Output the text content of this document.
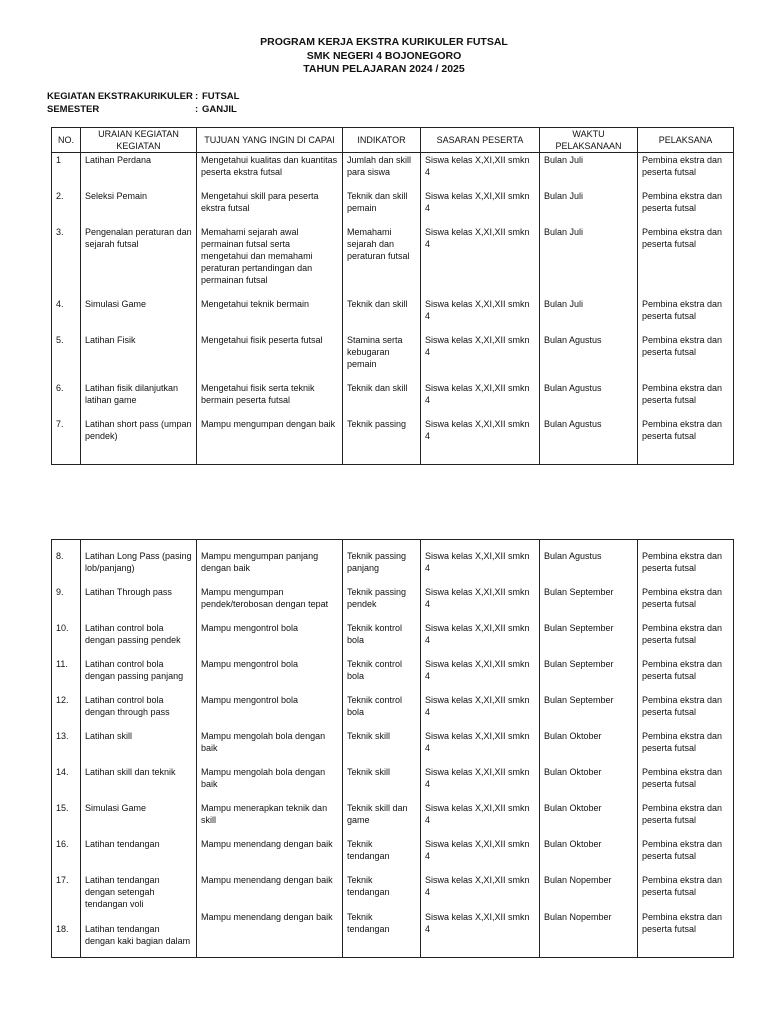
PROGRAM KERJA EKSTRA KURIKULER FUTSAL
SMK NEGERI 4 BOJONEGORO
TAHUN PELAJARAN 2024 / 2025
KEGIATAN EKSTRAKURIKULER : FUTSAL
SEMESTER	: GANJIL
NO.	URAIAN KEGIATAN KEGIATAN	TUJUAN YANG INGIN DI CAPAI	INDIKATOR	SASARAN PESERTA	WAKTU PELAKSANAAN	PELAKSANA
1	Latihan Perdana	Mengetahui kualitas dan kuantitas peserta ekstra futsal	Jumlah dan skill para siswa	Siswa kelas X,XI,XII smkn 4	Bulan Juli	Pembina ekstra dan peserta futsal
2.	Seleksi Pemain	Mengetahui skill para peserta ekstra futsal	Teknik dan skill pemain	Siswa kelas X,XI,XII smkn 4	Bulan Juli	Pembina ekstra dan peserta futsal
3.	Pengenalan peraturan dan sejarah futsal	Memahami sejarah awal permainan futsal serta mengetahui dan memahami peraturan pertandingan dan permainan futsal	Memahami sejarah dan peraturan futsal	Siswa kelas X,XI,XII smkn 4	Bulan Juli	Pembina ekstra dan peserta futsal
4.	Simulasi Game	Mengetahui teknik bermain	Teknik dan skill	Siswa kelas X,XI,XII smkn 4	Bulan Juli	Pembina ekstra dan peserta futsal
5.	Latihan Fisik	Mengetahui fisik peserta futsal	Stamina serta kebugaran pemain	Siswa kelas X,XI,XII smkn 4	Bulan Agustus	Pembina ekstra dan peserta futsal
6.	Latihan fisik dilanjutkan latihan game	Mengetahui fisik serta teknik bermain peserta futsal	Teknik dan skill	Siswa kelas X,XI,XII smkn 4	Bulan Agustus	Pembina ekstra dan peserta futsal
7.	Latihan short pass (umpan pendek)	Mampu mengumpan dengan baik	Teknik passing	Siswa kelas X,XI,XII smkn 4	Bulan Agustus	Pembina ekstra dan peserta futsal
8.	Latihan Long Pass (pasing lob/panjang)	Mampu mengumpan panjang dengan baik	Teknik passing panjang	Siswa kelas X,XI,XII smkn 4	Bulan Agustus	Pembina ekstra dan peserta futsal
9.	Latihan Through pass	Mampu mengumpan pendek/terobosan dengan tepat	Teknik passing pendek	Siswa kelas X,XI,XII smkn 4	Bulan September	Pembina ekstra dan peserta futsal
10.	Latihan control bola dengan passing pendek	Mampu mengontrol bola	Teknik kontrol bola	Siswa kelas X,XI,XII smkn 4	Bulan September	Pembina ekstra dan peserta futsal
11.	Latihan control bola dengan passing panjang	Mampu mengontrol bola	Teknik control bola	Siswa kelas X,XI,XII smkn 4	Bulan September	Pembina ekstra dan peserta futsal
12.	Latihan control bola dengan through pass	Mampu mengontrol bola	Teknik control bola	Siswa kelas X,XI,XII smkn 4	Bulan September	Pembina ekstra dan peserta futsal
13.	Latihan skill	Mampu mengolah bola dengan baik	Teknik skill	Siswa kelas X,XI,XII smkn 4	Bulan Oktober	Pembina ekstra dan peserta futsal
14.	Latihan skill dan teknik	Mampu mengolah bola dengan baik	Teknik skill	Siswa kelas X,XI,XII smkn 4	Bulan Oktober	Pembina ekstra dan peserta futsal
15.	Simulasi Game	Mampu menerapkan teknik dan skill	Teknik skill dan game	Siswa kelas X,XI,XII smkn 4	Bulan Oktober	Pembina ekstra dan peserta futsal
16.	Latihan tendangan	Mampu menendang dengan baik	Teknik tendangan	Siswa kelas X,XI,XII smkn 4	Bulan Oktober	Pembina ekstra dan peserta futsal
17.	Latihan tendangan dengan setengah tendangan voli	Mampu menendang dengan baik	Teknik tendangan	Siswa kelas X,XI,XII smkn 4	Bulan Nopember	Pembina ekstra dan peserta futsal
18.	Latihan tendangan dengan kaki bagian dalam	Mampu menendang dengan baik	Teknik tendangan	Siswa kelas X,XI,XII smkn 4	Bulan Nopember	Pembina ekstra dan peserta futsal
